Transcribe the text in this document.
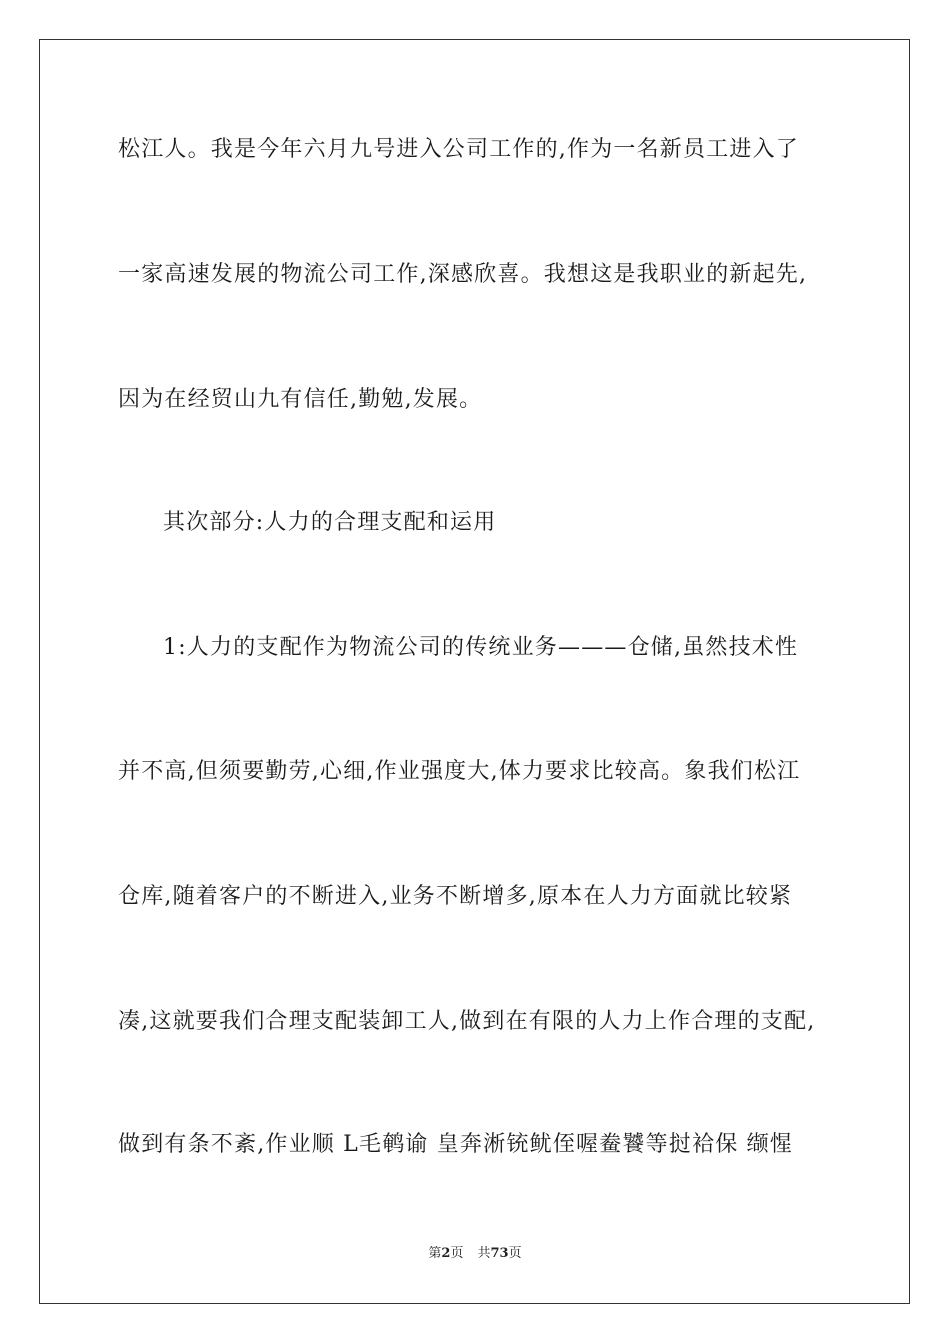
松江人。我是今年六月九号进入公司工作的,作为一名新员工进入了
一家高速发展的物流公司工作,深感欣喜。我想这是我职业的新起先,
因为在经贸山九有信任,勤勉,发展。
其次部分:人力的合理支配和运用
1:人力的支配作为物流公司的传统业务———仓储,虽然技术性
并不高,但须要勤劳,心细,作业强度大,体力要求比较高。象我们松江
仓库,随着客户的不断进入,业务不断增多,原本在人力方面就比较紧
凑,这就要我们合理支配装卸工人,做到在有限的人力上作合理的支配,
做到有条不紊,作业顺 L毛鹌谕 皇奔淅铳鱿侄喔鲞饕等挝袷保 缬惺
第2页 共73页
